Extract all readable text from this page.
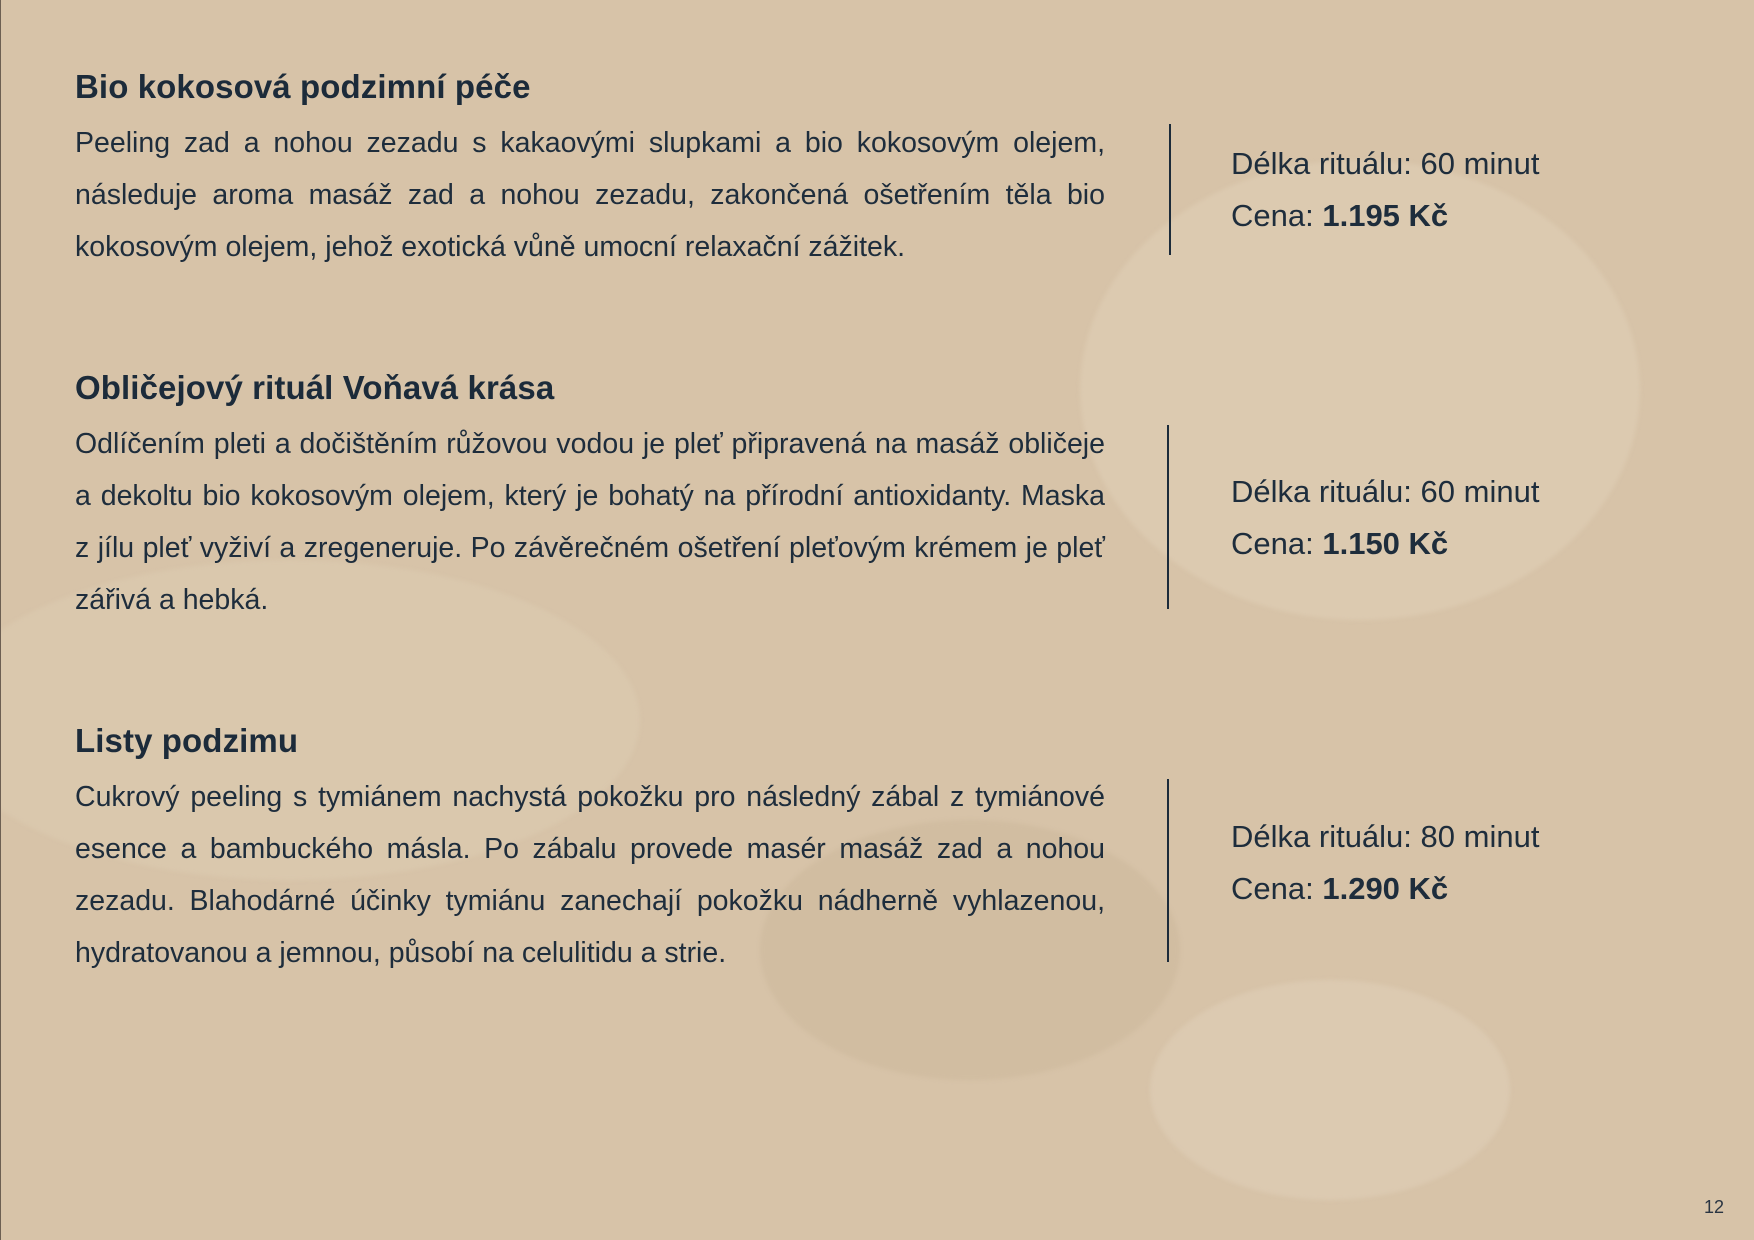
Bio kokosová podzimní péče

Peeling zad a nohou zezadu s kakaovými slupkami a bio kokosovým olejem, následuje aroma masáž zad a nohou zezadu, zakončená ošetřením těla bio kokosovým olejem, jehož exotická vůně umocní relaxační zážitek.

Délka rituálu: 60 minut
Cena: 1.195 Kč
Obličejový rituál Voňavá krása

Odlíčením pleti a dočištěním růžovou vodou je pleť připravená na masáž obličeje a dekoltu bio kokosovým olejem, který je bohatý na přírodní antioxidanty. Maska z jílu pleť vyživí a zregeneruje. Po závěrečném ošetření pleťovým krémem je pleť zářivá a hebká.

Délka rituálu: 60 minut
Cena: 1.150 Kč
Listy podzimu

Cukrový peeling s tymiánem nachystá pokožku pro následný zábal z tymiánové esence a bambuckého másla. Po zábalu provede masér masáž zad a nohou zezadu. Blahodárné účinky tymiánu zanechají pokožku nádherně vyhlazenou, hydratovanou a jemnou, působí na celulitidu a strie.

Délka rituálu: 80 minut
Cena: 1.290 Kč
12
